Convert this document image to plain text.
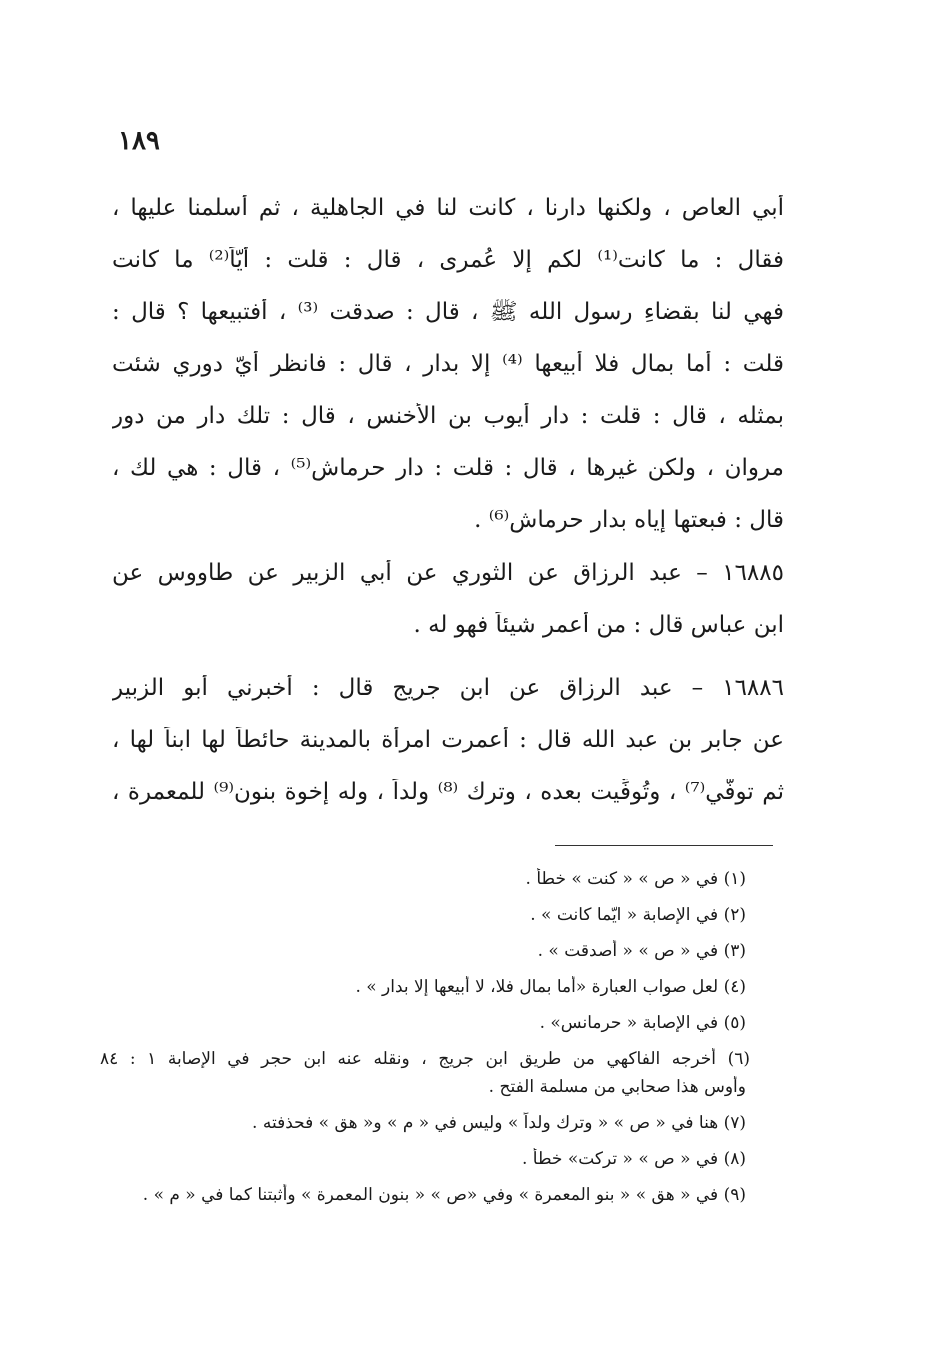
١٨٩
أبي العاص ، ولكنها دارنا ، كانت لنا في الجاهلية ، ثم أسلمنا عليها ،
فقال : ما كانت⁽¹⁾ لكم إلا عُمرى ، قال : قلت : أيّاً⁽²⁾ ما كانت
فهي لنا بقضاءِ رسول الله ﷺ ، قال : صدقت ⁽³⁾ ، أفتبيعها ؟ قال :
قلت : أما بمال فلا أبيعها ⁽⁴⁾ إلا بدار ، قال : فانظر أيّ دوري شئت
بمثله ، قال : قلت : دار أيوب بن الأخنس ، قال : تلك دار من دور
مروان ، ولكن غيرها ، قال : قلت : دار حرماش⁽⁵⁾ ، قال : هي لك ،
قال : فبعتها إياه بدار حرماش⁽⁶⁾ .
١٦٨٨٥ – عبد الرزاق عن الثوري عن أبي الزبير عن طاووس عن
ابن عباس قال : من أُعمر شيئاً فهو له .
١٦٨٨٦ – عبد الرزاق عن ابن جريج قال : أخبرني أبو الزبير
عن جابر بن عبد الله قال : أعمرت امرأة بالمدينة حائطاً لها ابناً لها ،
ثم توفّي⁽⁷⁾ ، وتُوفِّيت بعده ، وترك ⁽⁸⁾ ولداً ، وله إخوة بنون⁽⁹⁾ للمعمرة ،
(١) في « ص » « كنت » خطأ .
(٢) في الإصابة « ايّما كانت » .
(٣) في « ص » « أصدقت » .
(٤) لعل صواب العبارة «أما بمال فلا، لا أبيعها إلا بدار » .
(٥) في الإصابة « حرمانس» .
(٦) أخرجه الفاكهي من طريق ابن جريج ، ونقله عنه ابن حجر في الإصابة ١ : ٨٤
وأوس هذا صحابي من مسلمة الفتح .
(٧) هنا في « ص » « وترك ولداً » وليس في « م » و« هق » فحذفته .
(٨) في « ص » « تركت» خطأ .
(٩) في « هق » « بنو المعمرة » وفي «ص » « بنون المعمرة » وأثبتنا كما في « م » .
